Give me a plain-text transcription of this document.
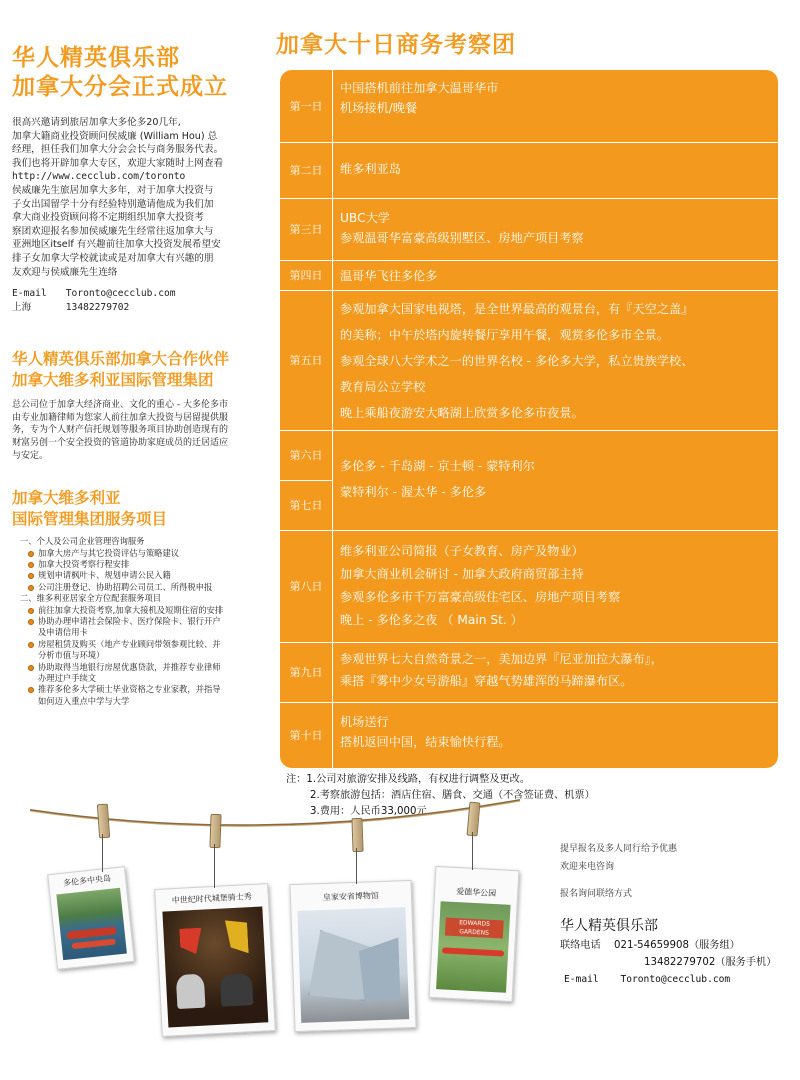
华人精英俱乐部
加拿大分会正式成立
很高兴邀请到旅居加拿大多伦多20几年,
加拿大籍商业投资顾问侯威廉 (William Hou) 总
经理，担任我们加拿大分会会长与商务服务代表。
我们也将开辟加拿大专区，欢迎大家随时上网查看
http://www.cecclub.com/toronto
侯威廉先生旅居加拿大多年，对于加拿大投资与
子女出国留学十分有经验特别邀请他成为我们加
拿大商业投资顾问将不定期组织加拿大投资考
察团欢迎报名参加侯威廉先生经常往返加拿大与
亚洲地区itself 有兴趣前往加拿大投资发展希望安
排子女加拿大学校就读或是对加拿大有兴趣的朋
友欢迎与侯威廉先生连络
E-mail Toronto@cecclub.com
上海	13482279702
华人精英俱乐部加拿大合作伙伴
加拿大维多利亚国际管理集团
总公司位于加拿大经济商业、文化的重心 - 大多伦多市
由专业加籍律师为您家人前往加拿大投资与居留提供服
务，专为个人财产信托规划等服务项目协助创造现有的
财富另创一个安全投资的管道协助家庭成员的迁居适应
与安定。
加拿大维多利亚
国际管理集团服务项目
一、个人及公司企业管理咨询服务
加拿大房产与其它投资评估与策略建议
加拿大投资考察行程安排
规划申请枫叶卡、规划申请公民入籍
公司注册登记、协助招聘公司员工、所得税申报
二、维多利亚居家全方位配套服务项目
前往加拿大投资考察,加拿大接机及短期住宿的安排
协助办理申请社会保险卡、医疗保险卡、银行开户
及申请信用卡
房屋租赁及购买（地产专业顾问带领参观比较、并
分析市值与环境）
协助取得当地银行房屋优惠贷款，并推荐专业律师
办理过户手续文
推荐多伦多大学硕士毕业资格之专业家教，并指导
如何迈入重点中学与大学
加拿大十日商务考察团
第一日
中国搭机前往加拿大温哥华市
机场接机/晚餐
第二日	维多利亚岛
第三日
UBC大学
参观温哥华富豪高级别墅区、房地产项目考察
第四日	温哥华飞往多伦多
第五日
参观加拿大国家电视塔，是全世界最高的观景台，有『天空之盖』
的美称；中午於塔内旋转餐厅享用午餐，观赏多伦多市全景。
参观全球八大学术之一的世界名校 - 多伦多大学，私立贵族学校、
教育局公立学校
晚上乘船夜游安大略湖上欣赏多伦多市夜景。
第六日
多伦多 - 千岛湖 - 京士顿 - 蒙特利尔
第七日
蒙特利尔 - 渥太华 - 多伦多
第八日
维多利亚公司简报（子女教育、房产及物业）
加拿大商业机会研讨 - 加拿大政府商贸部主持
参观多伦多市千万富豪高级住宅区、房地产项目考察
晚上 - 多伦多之夜 （ Main St. ）
第九日
参观世界七大自然奇景之一，美加边界『尼亚加拉大瀑布』，
乘搭『雾中少女号游船』穿越气势雄浑的马蹄瀑布区。
第十日
机场送行
搭机返回中国，结束愉快行程。
注：1.公司对旅游安排及线路，有权进行调整及更改。
2.考察旅游包括：酒店住宿、膳食、交通（不含签证费、机票）
3.费用：人民币33,000元
多伦多中央岛
中世纪时代城堡骑士秀	皇家安省博物馆	爱德华公园
EDWARDS GARDENS
提早报名及多人同行给予优惠
欢迎来电咨询
报名询问联络方式
华人精英俱乐部
联络电话 021-54659908（服务组）
13482279702（服务手机）
E-mail Toronto@cecclub.com
